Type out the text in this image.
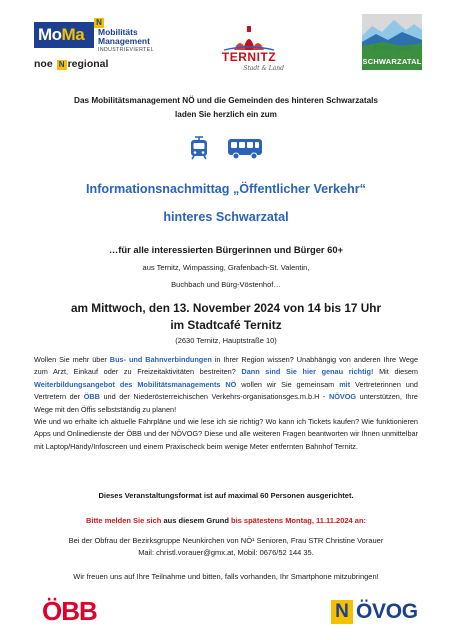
MoMa
N
Mobilitäts
Management
INDUSTRIEVIERTEL
noe N regional	TERNITZ
Stadt & Land
Kleinregion
SCHWARZATAL
Das Mobilitätsmanagement NÖ und die Gemeinden des hinteren Schwarzatals
laden Sie herzlich ein zum
Informationsnachmittag „Öffentlicher Verkehr“
hinteres Schwarzatal
…für alle interessierten Bürgerinnen und Bürger 60+
aus Ternitz, Wimpassing, Grafenbach-St. Valentin,
Buchbach und Bürg-Vöstenhof…
am Mittwoch, den 13. November 2024 von 14 bis 17 Uhr
im Stadtcafé Ternitz
(2630 Ternitz, Hauptstraße 10)
Wollen Sie mehr über Bus- und Bahnverbindungen in Ihrer Region wissen? Unabhängig von anderen Ihre Wege zum Arzt, Einkauf oder zu Freizeitaktivitäten bestreiten? Dann sind Sie hier genau richtig! Mit diesem Weiterbildungsangebot des Mobilitätsmanagements NÖ wollen wir Sie gemeinsam mit Vertreterinnen und Vertretern der ÖBB und der Niederösterreichischen Verkehrs-organisationsges.m.b.H - NÖVOG unterstützen, Ihre Wege mit den Öffis selbstständig zu planen!
Wie und wo erhalte ich aktuelle Fahrpläne und wie lese ich sie richtig? Wo kann ich Tickets kaufen? Wie funktionieren Apps und Onlinedienste der ÖBB und der NÖVOG? Diese und alle weiteren Fragen beantworten wir Ihnen unmittelbar mit Laptop/Handy/Infoscreen und einem Praxischeck beim wenige Meter entfernten Bahnhof Ternitz.
Dieses Veranstaltungsformat ist auf maximal 60 Personen ausgerichtet.
Bitte melden Sie sich aus diesem Grund bis spätestens Montag, 11.11.2024 an:
Bei der Obfrau der Bezirksgruppe Neunkirchen von NÖ¹ Senioren, Frau STR Christine Vorauer
Mail: christl.vorauer@gmx.at, Mobil: 0676/52 144 35.
Wir freuen uns auf Ihre Teilnahme und bitten, falls vorhanden, Ihr Smartphone mitzubringen!
ÖBB	N ÖVOG
